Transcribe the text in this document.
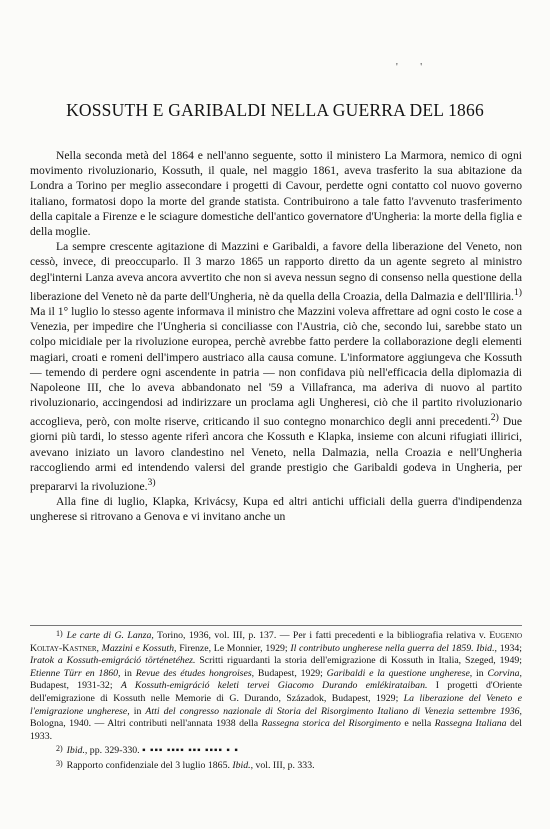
' '
KOSSUTH E GARIBALDI NELLA GUERRA DEL 1866

Nella seconda metà del 1864 e nell'anno seguente, sotto il ministero La Marmora, nemico di ogni movimento rivoluzionario, Kossuth, il quale, nel maggio 1861, aveva trasferito la sua abitazione da Londra a Torino per meglio assecondare i progetti di Cavour, perdette ogni contatto col nuovo governo italiano, formatosi dopo la morte del grande statista. Contribuirono a tale fatto l'avvenuto trasferimento della capitale a Firenze e le sciagure domestiche dell'antico governatore d'Ungheria: la morte della figlia e della moglie.

La sempre crescente agitazione di Mazzini e Garibaldi, a favore della liberazione del Veneto, non cessò, invece, di preoccuparlo. Il 3 marzo 1865 un rapporto diretto da un agente segreto al ministro degl'interni Lanza aveva ancora avvertito che non si aveva nessun segno di consenso nella questione della liberazione del Veneto nè da parte dell'Ungheria, nè da quella della Croazia, della Dalmazia e dell'Illiria.$^{1)}$ Ma il 1° luglio lo stesso agente informava il ministro che Mazzini voleva affrettare ad ogni costo le cose a Venezia, per impedire che l'Ungheria si conciliasse con l'Austria, ciò che, secondo lui, sarebbe stato un colpo micidiale per la rivoluzione europea, perchè avrebbe fatto perdere la collaborazione degli elementi magiari, croati e romeni dell'impero austriaco alla causa comune. L'informatore aggiungeva che Kossuth — temendo di perdere ogni ascendente in patria — non confidava più nell'efficacia della diplomazia di Napoleone III, che lo aveva abbandonato nel '59 a Villafranca, ma aderiva di nuovo al partito rivoluzionario, accingendosi ad indirizzare un proclama agli Ungheresi, ciò che il partito rivoluzionario accoglieva, però, con molte riserve, criticando il suo contegno monarchico degli anni precedenti.$^{2)}$ Due giorni più tardi, lo stesso agente riferì ancora che Kossuth e Klapka, insieme con alcuni rifugiati illirici, avevano iniziato un lavoro clandestino nel Veneto, nella Dalmazia, nella Croazia e nell'Ungheria raccogliendo armi ed intendendo valersi del grande prestigio che Garibaldi godeva in Ungheria, per prepararvi la rivoluzione.$^{3)}$

Alla fine di luglio, Klapka, Krivácsy, Kupa ed altri antichi ufficiali della guerra d'indipendenza ungherese si ritrovano a Genova e vi invitano anche un

$^{1)}$ Le carte di G. Lanza, Torino, 1936, vol. III, p. 137. — Per i fatti precedenti e la bibliografia relativa v. Eugenio Koltay-Kastner, Mazzini e Kossuth, Firenze, Le Monnier, 1929; Il contributo ungherese nella guerra del 1859. Ibid., 1934; Iratok a Kossuth-emigráció történetéhez. Scritti riguardanti la storia dell'emigrazione di Kossuth in Italia, Szeged, 1949; Etienne Türr en 1860, in Revue des études hongroises, Budapest, 1929; Garibaldi e la questione ungherese, in Corvina, Budapest, 1931-32; A Kossuth-emigráció keleti tervei Giacomo Durando emlékirataiban. I progetti d'Oriente dell'emigrazione di Kossuth nelle Memorie di G. Durando, Századok, Budapest, 1929; La liberazione del Veneto e l'emigrazione ungherese, in Atti del congresso nazionale di Storia del Risorgimento Italiano di Venezia settembre 1936, Bologna, 1940. — Altri contributi nell'annata 1938 della Rassegna storica del Risorgimento e nella Rassegna Italiana del 1933.

$^{2)}$ Ibid., pp. 329-330. ▪ ▪▪▪ ▪▪▪▪ ▪▪▪ ▪▪▪▪ ▪ ▪

$^{3)}$ Rapporto confidenziale del 3 luglio 1865. Ibid., vol. III, p. 333.
